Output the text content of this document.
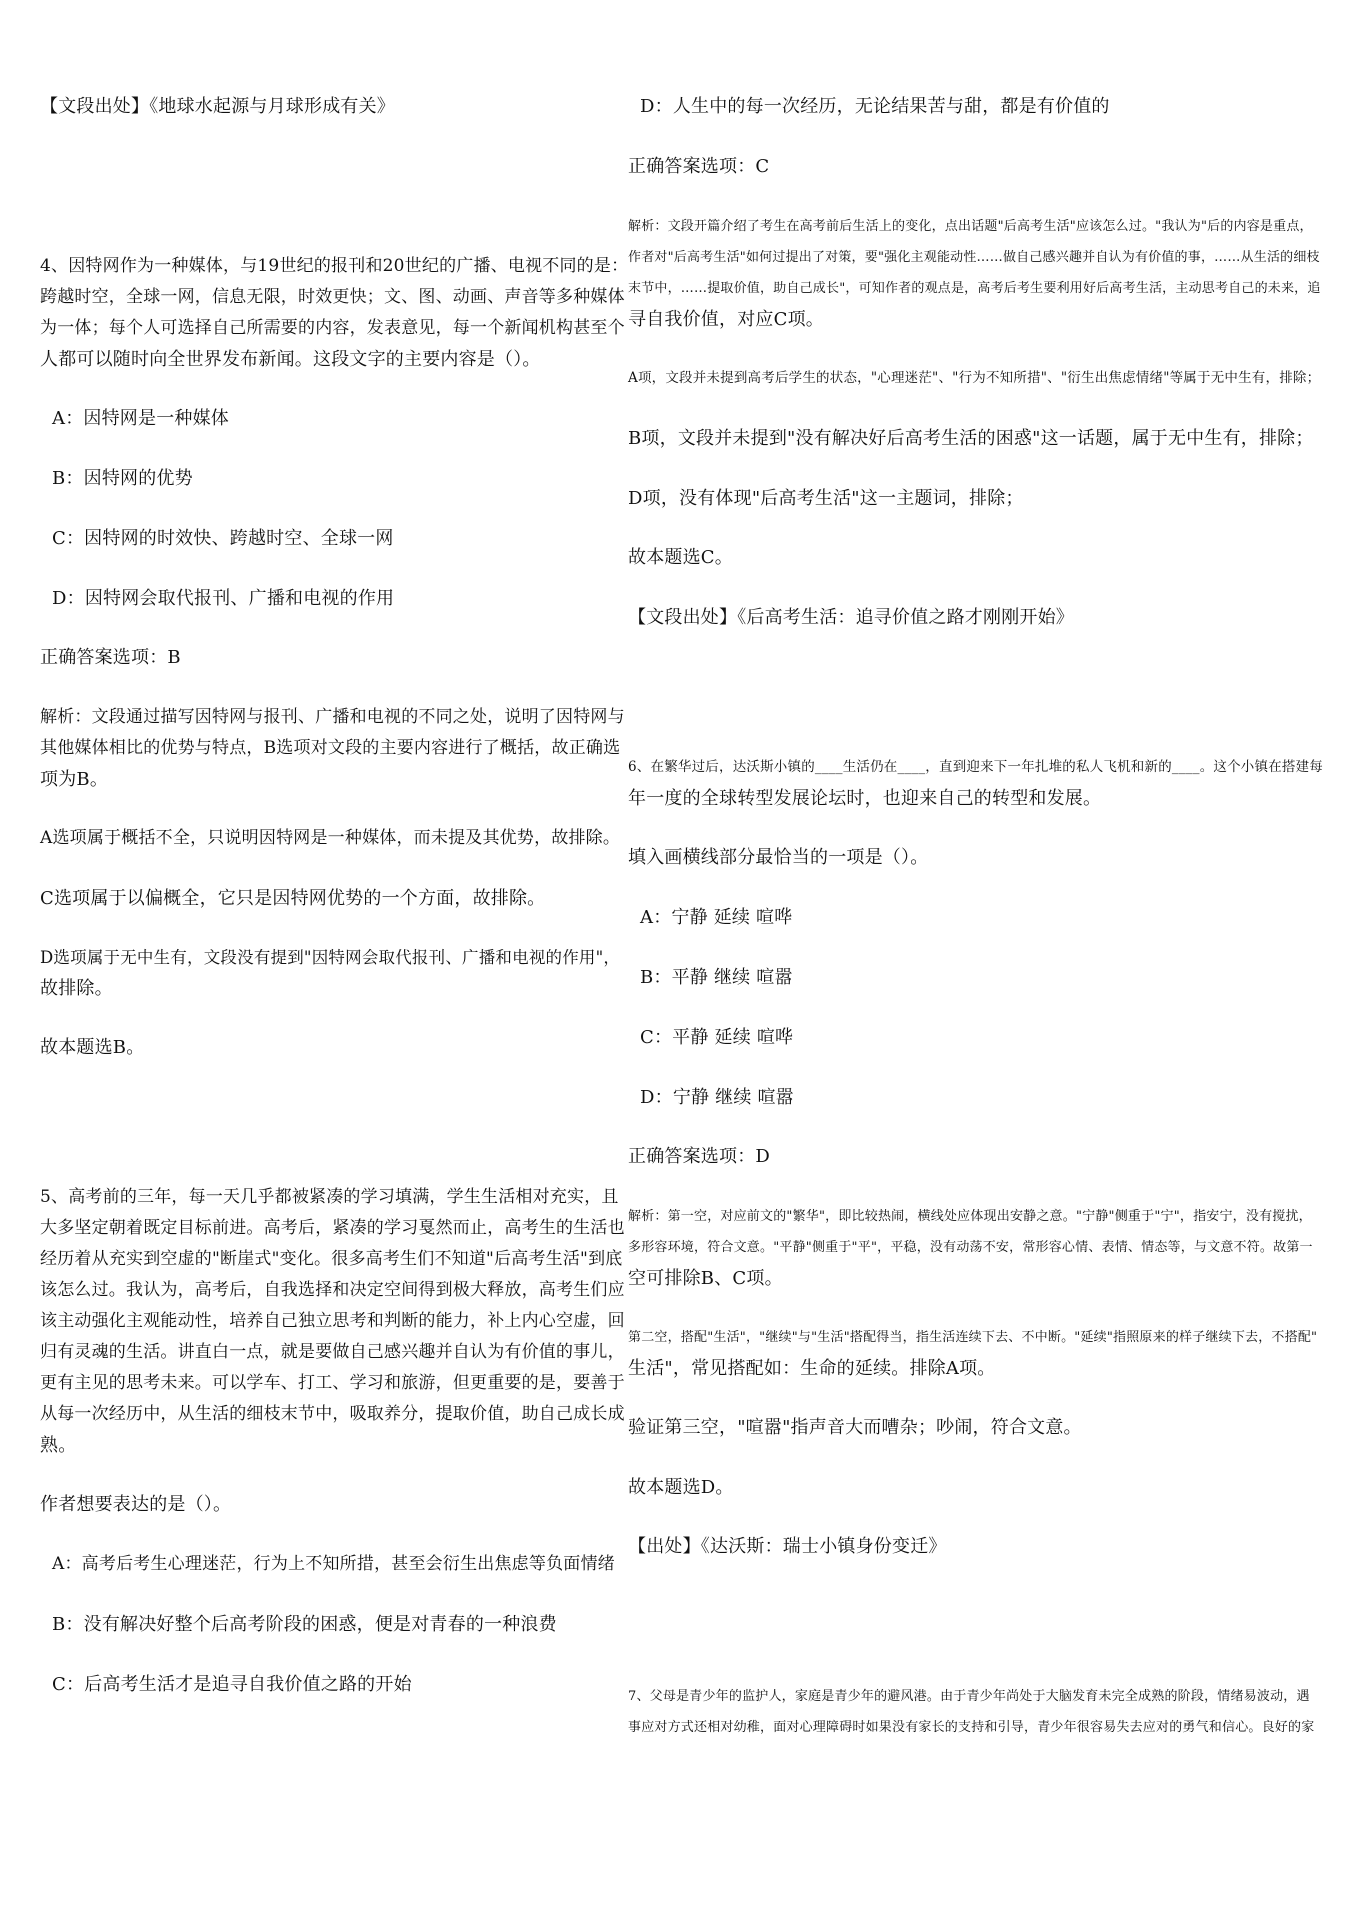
【文段出处】《地球水起源与月球形成有关》
4、因特网作为一种媒体，与19世纪的报刊和20世纪的广播、电视不同的是：
跨越时空，全球一网，信息无限，时效更快；文、图、动画、声音等多种媒体
为一体；每个人可选择自己所需要的内容，发表意见，每一个新闻机构甚至个
人都可以随时向全世界发布新闻。这段文字的主要内容是（）。
A：因特网是一种媒体
B：因特网的优势
C：因特网的时效快、跨越时空、全球一网
D：因特网会取代报刊、广播和电视的作用
正确答案选项：B
解析：文段通过描写因特网与报刊、广播和电视的不同之处，说明了因特网与
其他媒体相比的优势与特点，B选项对文段的主要内容进行了概括，故正确选
项为B。
A选项属于概括不全，只说明因特网是一种媒体，而未提及其优势，故排除。
C选项属于以偏概全，它只是因特网优势的一个方面，故排除。
D选项属于无中生有，文段没有提到"因特网会取代报刊、广播和电视的作用"，
故排除。
故本题选B。
5、高考前的三年，每一天几乎都被紧凑的学习填满，学生生活相对充实，且
大多坚定朝着既定目标前进。高考后，紧凑的学习戛然而止，高考生的生活也
经历着从充实到空虚的"断崖式"变化。很多高考生们不知道"后高考生活"到底
该怎么过。我认为，高考后，自我选择和决定空间得到极大释放，高考生们应
该主动强化主观能动性，培养自己独立思考和判断的能力，补上内心空虚，回
归有灵魂的生活。讲直白一点，就是要做自己感兴趣并自认为有价值的事儿，
更有主见的思考未来。可以学车、打工、学习和旅游，但更重要的是，要善于
从每一次经历中，从生活的细枝末节中，吸取养分，提取价值，助自己成长成
熟。
作者想要表达的是（）。
A：高考后考生心理迷茫，行为上不知所措，甚至会衍生出焦虑等负面情绪
B：没有解决好整个后高考阶段的困惑，便是对青春的一种浪费
C：后高考生活才是追寻自我价值之路的开始
D：人生中的每一次经历，无论结果苦与甜，都是有价值的
正确答案选项：C
解析：文段开篇介绍了考生在高考前后生活上的变化，点出话题"后高考生活"应该怎么过。"我认为"后的内容是重点，
作者对"后高考生活"如何过提出了对策，要"强化主观能动性……做自己感兴趣并自认为有价值的事，……从生活的细枝
末节中，……提取价值，助自己成长"，可知作者的观点是，高考后考生要利用好后高考生活，主动思考自己的未来，追
寻自我价值，对应C项。
A项，文段并未提到高考后学生的状态，"心理迷茫"、"行为不知所措"、"衍生出焦虑情绪"等属于无中生有，排除；
B项，文段并未提到"没有解决好后高考生活的困惑"这一话题，属于无中生有，排除；
D项，没有体现"后高考生活"这一主题词，排除；
故本题选C。
【文段出处】《后高考生活：追寻价值之路才刚刚开始》
6、在繁华过后，达沃斯小镇的____生活仍在____，直到迎来下一年扎堆的私人飞机和新的____。这个小镇在搭建每
年一度的全球转型发展论坛时，也迎来自己的转型和发展。
填入画横线部分最恰当的一项是（）。
A：宁静 延续 喧哗
B：平静 继续 喧嚣
C：平静 延续 喧哗
D：宁静 继续 喧嚣
正确答案选项：D
解析：第一空，对应前文的"繁华"，即比较热闹，横线处应体现出安静之意。"宁静"侧重于"宁"，指安宁，没有搅扰，
多形容环境，符合文意。"平静"侧重于"平"，平稳，没有动荡不安，常形容心情、表情、情态等，与文意不符。故第一
空可排除B、C项。
第二空，搭配"生活"，"继续"与"生活"搭配得当，指生活连续下去、不中断。"延续"指照原来的样子继续下去，不搭配"
生活"，常见搭配如：生命的延续。排除A项。
验证第三空，"喧嚣"指声音大而嘈杂；吵闹，符合文意。
故本题选D。
【出处】《达沃斯：瑞士小镇身份变迁》
7、父母是青少年的监护人，家庭是青少年的避风港。由于青少年尚处于大脑发育未完全成熟的阶段，情绪易波动，遇
事应对方式还相对幼稚，面对心理障碍时如果没有家长的支持和引导，青少年很容易失去应对的勇气和信心。良好的家
